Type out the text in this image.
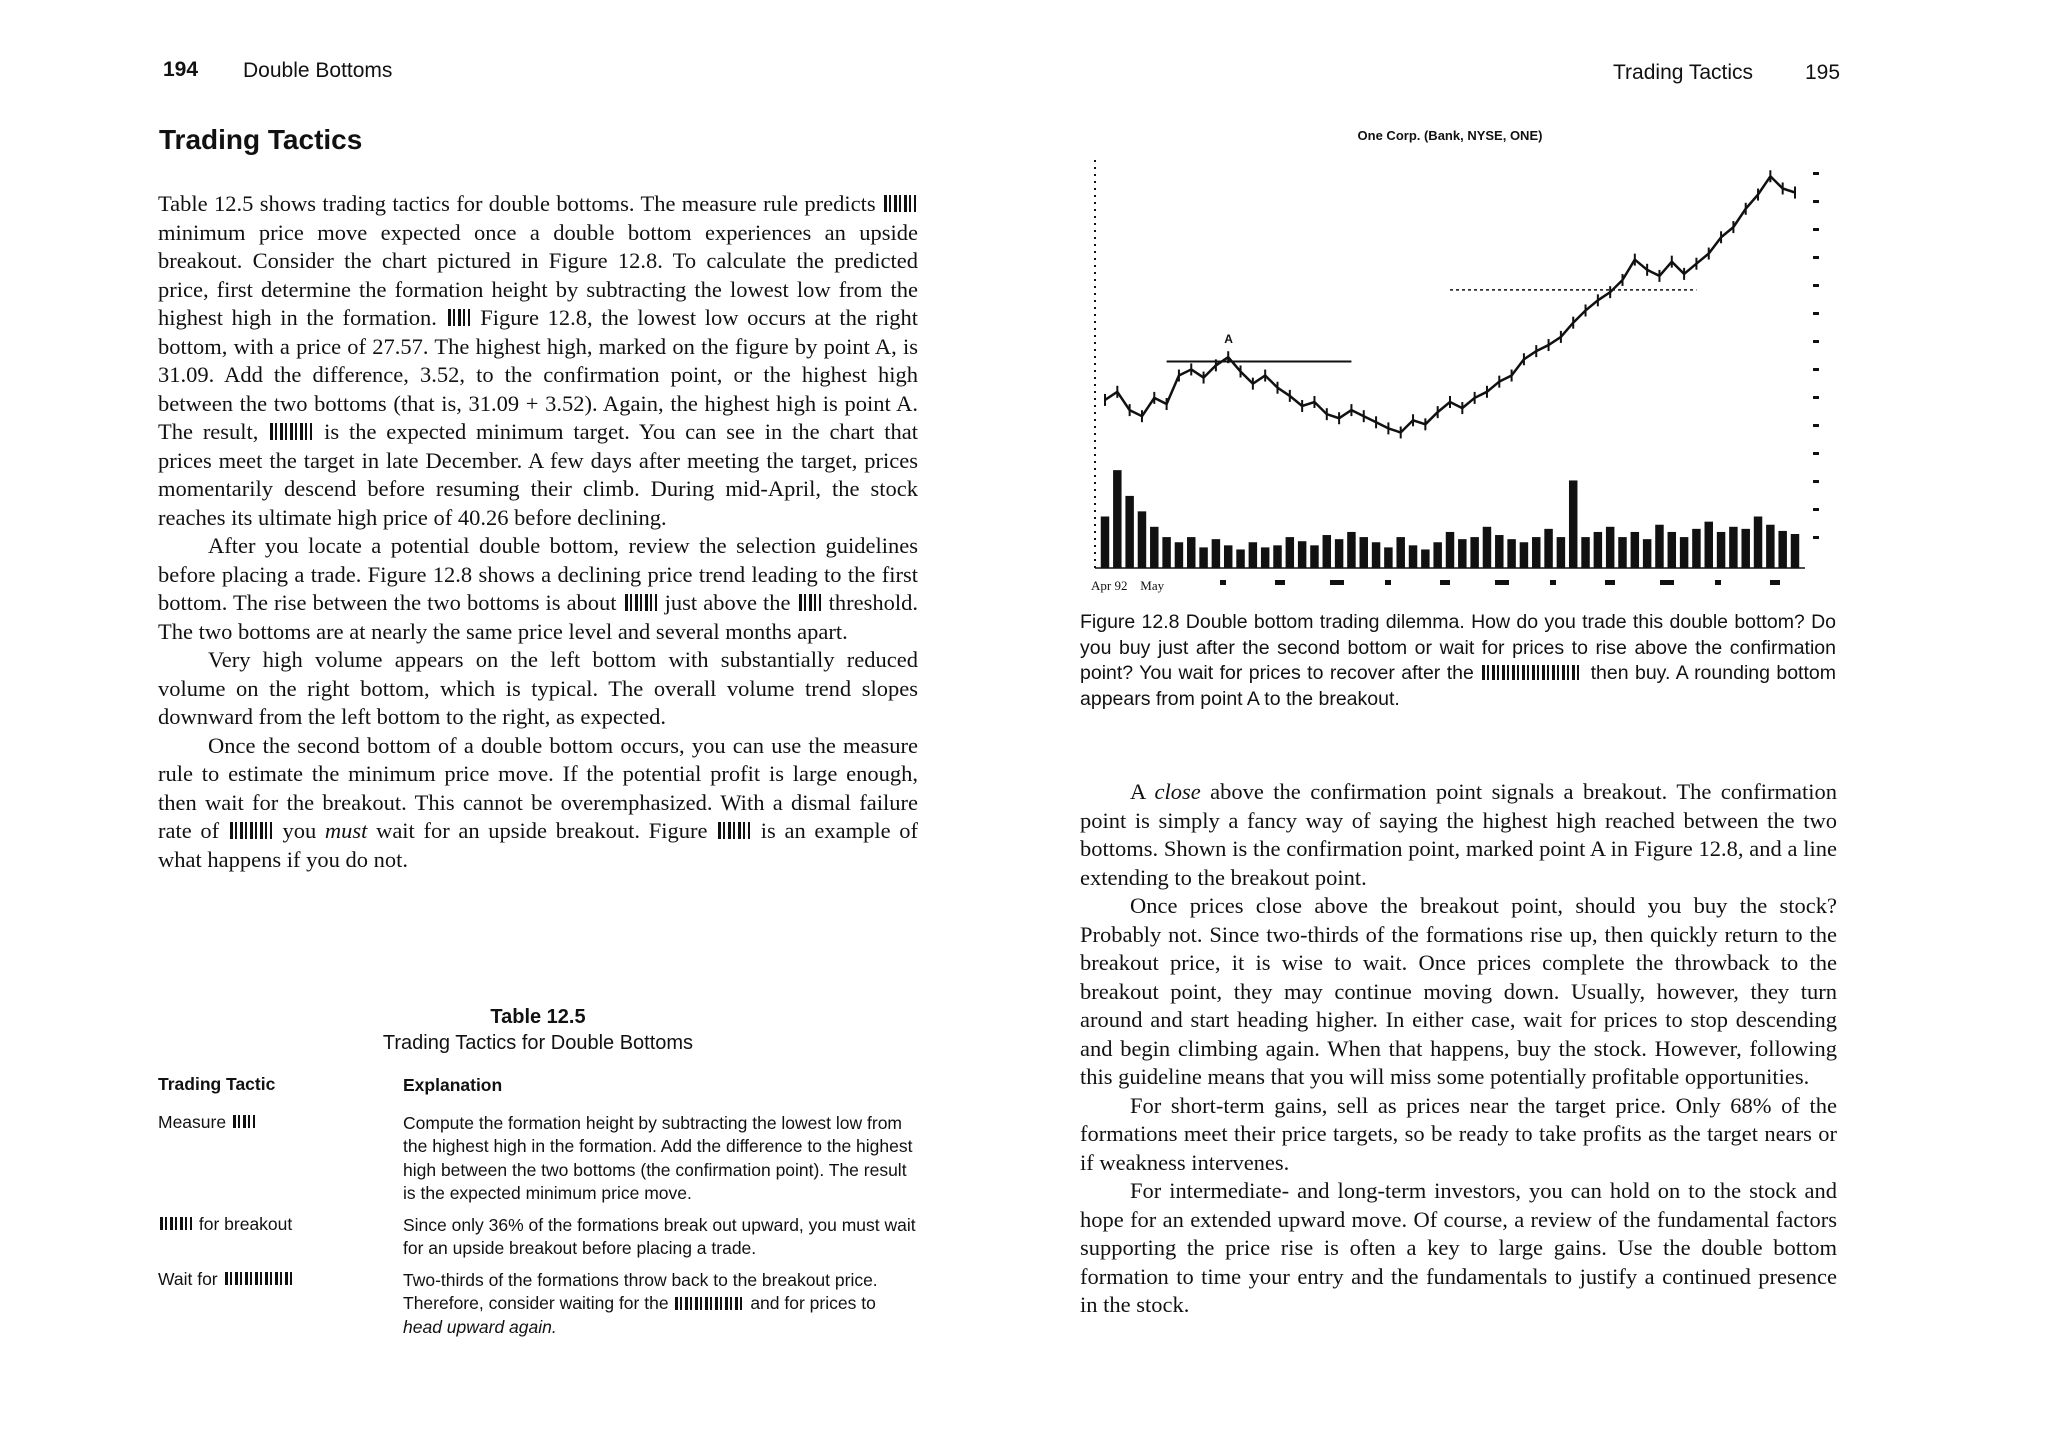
194 Double Bottoms
Trading Tactics

Table 12.5 shows trading tactics for double bottoms. The measure rule predicts  minimum price move expected once a double bottom experiences an upside breakout. Consider the chart pictured in Figure 12.8. To calculate the predicted price, first determine the formation height by subtracting the lowest low from the highest high in the formation.  Figure 12.8, the lowest low occurs at the right bottom, with a price of 27.57. The highest high, marked on the figure by point A, is 31.09. Add the difference, 3.52, to the confirmation point, or the highest high between the two bottoms (that is, 31.09 + 3.52). Again, the highest high is point A. The result,  is the expected minimum target. You can see in the chart that prices meet the target in late December. A few days after meeting the target, prices momentarily descend before resuming their climb. During mid-April, the stock reaches its ultimate high price of 40.26 before declining.

After you locate a potential double bottom, review the selection guidelines before placing a trade. Figure 12.8 shows a declining price trend leading to the first bottom. The rise between the two bottoms is about  just above the  threshold. The two bottoms are at nearly the same price level and several months apart.

Very high volume appears on the left bottom with substantially reduced volume on the right bottom, which is typical. The overall volume trend slopes downward from the left bottom to the right, as expected.

Once the second bottom of a double bottom occurs, you can use the measure rule to estimate the minimum price move. If the potential profit is large enough, then wait for the breakout. This cannot be overemphasized. With a dismal failure rate of  you must wait for an upside breakout. Figure  is an example of what happens if you do not.

Table 12.5
Trading Tactics for Double Bottoms
Trading Tactic	Explanation
Measure	Compute the formation height by subtracting the lowest low from the highest high in the formation. Add the difference to the highest high between the two bottoms (the confirmation point). The result is the expected minimum price move.
for breakout	Since only 36% of the formations break out upward, you must wait for an upside breakout before placing a trade.
Wait for	Two-thirds of the formations throw back to the breakout price. Therefore, consider waiting for the	and for prices to head upward again.
Trading Tactics 195
One Corp. (Bank, NYSE, ONE)
A
Apr 92 May
Figure 12.8 Double bottom trading dilemma. How do you trade this double bottom? Do you buy just after the second bottom or wait for prices to rise above the confirmation point? You wait for prices to recover after the	then buy. A rounding bottom appears from point A to the breakout.

A close above the confirmation point signals a breakout. The confirmation point is simply a fancy way of saying the highest high reached between the two bottoms. Shown is the confirmation point, marked point A in Figure 12.8, and a line extending to the breakout point.

Once prices close above the breakout point, should you buy the stock? Probably not. Since two-thirds of the formations rise up, then quickly return to the breakout price, it is wise to wait. Once prices complete the throwback to the breakout point, they may continue moving down. Usually, however, they turn around and start heading higher. In either case, wait for prices to stop descending and begin climbing again. When that happens, buy the stock. However, following this guideline means that you will miss some potentially profitable opportunities.

For short-term gains, sell as prices near the target price. Only 68% of the formations meet their price targets, so be ready to take profits as the target nears or if weakness intervenes.

For intermediate- and long-term investors, you can hold on to the stock and hope for an extended upward move. Of course, a review of the fundamental factors supporting the price rise is often a key to large gains. Use the double bottom formation to time your entry and the fundamentals to justify a continued presence in the stock.
